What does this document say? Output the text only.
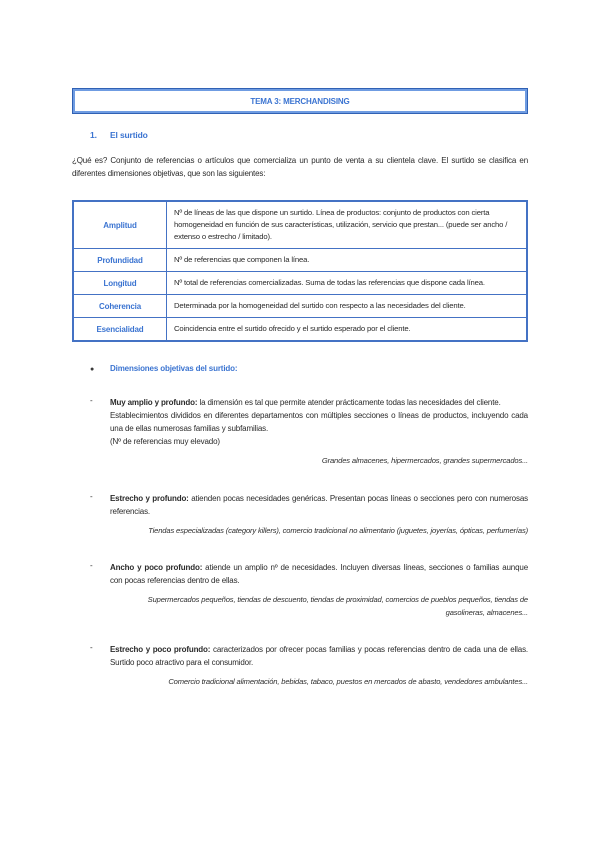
TEMA 3: MERCHANDISING
1.	El surtido

¿Qué es? Conjunto de referencias o artículos que comercializa un punto de venta a su clientela clave. El surtido se clasifica en diferentes dimensiones objetivas, que son las siguientes:

Amplitud	Nº de líneas de las que dispone un surtido. Línea de productos: conjunto de productos con cierta homogeneidad en función de sus características, utilización, servicio que prestan... (puede ser ancho / extenso o estrecho / limitado).
Profundidad	Nº de referencias que componen la línea.
Longitud	Nº total de referencias comercializadas. Suma de todas las referencias que dispone cada línea.
Coherencia	Determinada por la homogeneidad del surtido con respecto a las necesidades del cliente.
Esencialidad	Coincidencia entre el surtido ofrecido y el surtido esperado por el cliente.
●	Dimensiones objetivas del surtido:
-	Muy amplio y profundo: la dimensión es tal que permite atender prácticamente todas las necesidades del cliente.
Establecimientos divididos en diferentes departamentos con múltiples secciones o líneas de productos, incluyendo cada una de ellas numerosas familias y subfamilias.
(Nº de referencias muy elevado)
Grandes almacenes, hipermercados, grandes supermercados...
-	Estrecho y profundo: atienden pocas necesidades genéricas. Presentan pocas líneas o secciones pero con numerosas referencias.
Tiendas especializadas (category killers), comercio tradicional no alimentario (juguetes, joyerías, ópticas, perfumerías)
-	Ancho y poco profundo: atiende un amplio nº de necesidades. Incluyen diversas líneas, secciones o familias aunque con pocas referencias dentro de ellas.
Supermercados pequeños, tiendas de descuento, tiendas de proximidad, comercios de pueblos pequeños, tiendas de gasolineras, almacenes...
-	Estrecho y poco profundo: caracterizados por ofrecer pocas familias y pocas referencias dentro de cada una de ellas. Surtido poco atractivo para el consumidor.
Comercio tradicional alimentación, bebidas, tabaco, puestos en mercados de abasto, vendedores ambulantes...
